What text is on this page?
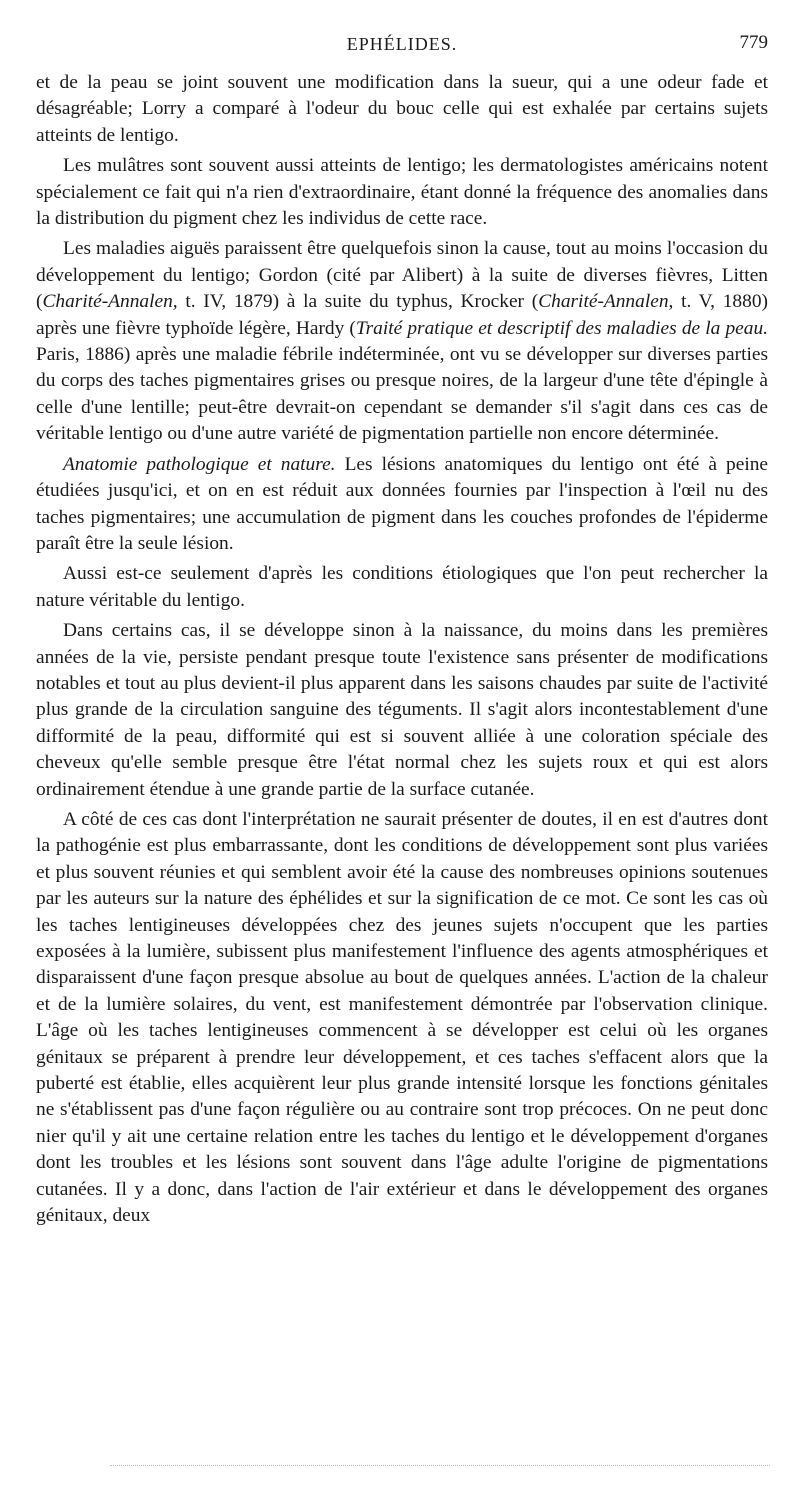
EPHÉLIDES.	779

et de la peau se joint souvent une modification dans la sueur, qui a une odeur fade et désagréable; Lorry a comparé à l'odeur du bouc celle qui est exhalée par certains sujets atteints de lentigo.

Les mulâtres sont souvent aussi atteints de lentigo; les dermatologistes américains notent spécialement ce fait qui n'a rien d'extraordinaire, étant donné la fréquence des anomalies dans la distribution du pigment chez les individus de cette race.

Les maladies aiguës paraissent être quelquefois sinon la cause, tout au moins l'occasion du développement du lentigo; Gordon (cité par Alibert) à la suite de diverses fièvres, Litten (Charité-Annalen, t. IV, 1879) à la suite du typhus, Krocker (Charité-Annalen, t. V, 1880) après une fièvre typhoïde légère, Hardy (Traité pratique et descriptif des maladies de la peau. Paris, 1886) après une maladie fébrile indéterminée, ont vu se développer sur diverses parties du corps des taches pigmentaires grises ou presque noires, de la largeur d'une tête d'épingle à celle d'une lentille; peut-être devrait-on cependant se demander s'il s'agit dans ces cas de véritable lentigo ou d'une autre variété de pigmentation partielle non encore déterminée.

Anatomie pathologique et nature. Les lésions anatomiques du lentigo ont été à peine étudiées jusqu'ici, et on en est réduit aux données fournies par l'inspection à l'œil nu des taches pigmentaires; une accumulation de pigment dans les couches profondes de l'épiderme paraît être la seule lésion.

Aussi est-ce seulement d'après les conditions étiologiques que l'on peut rechercher la nature véritable du lentigo.

Dans certains cas, il se développe sinon à la naissance, du moins dans les premières années de la vie, persiste pendant presque toute l'existence sans présenter de modifications notables et tout au plus devient-il plus apparent dans les saisons chaudes par suite de l'activité plus grande de la circulation sanguine des téguments. Il s'agit alors incontestablement d'une difformité de la peau, difformité qui est si souvent alliée à une coloration spéciale des cheveux qu'elle semble presque être l'état normal chez les sujets roux et qui est alors ordinairement étendue à une grande partie de la surface cutanée.

A côté de ces cas dont l'interprétation ne saurait présenter de doutes, il en est d'autres dont la pathogénie est plus embarrassante, dont les conditions de développement sont plus variées et plus souvent réunies et qui semblent avoir été la cause des nombreuses opinions soutenues par les auteurs sur la nature des éphélides et sur la signification de ce mot. Ce sont les cas où les taches lentigineuses développées chez des jeunes sujets n'occupent que les parties exposées à la lumière, subissent plus manifestement l'influence des agents atmosphériques et disparaissent d'une façon presque absolue au bout de quelques années. L'action de la chaleur et de la lumière solaires, du vent, est manifestement démontrée par l'observation clinique. L'âge où les taches lentigineuses commencent à se développer est celui où les organes génitaux se préparent à prendre leur développement, et ces taches s'effacent alors que la puberté est établie, elles acquièrent leur plus grande intensité lorsque les fonctions génitales ne s'établissent pas d'une façon régulière ou au contraire sont trop précoces. On ne peut donc nier qu'il y ait une certaine relation entre les taches du lentigo et le développement d'organes dont les troubles et les lésions sont souvent dans l'âge adulte l'origine de pigmentations cutanées. Il y a donc, dans l'action de l'air extérieur et dans le développement des organes génitaux, deux
